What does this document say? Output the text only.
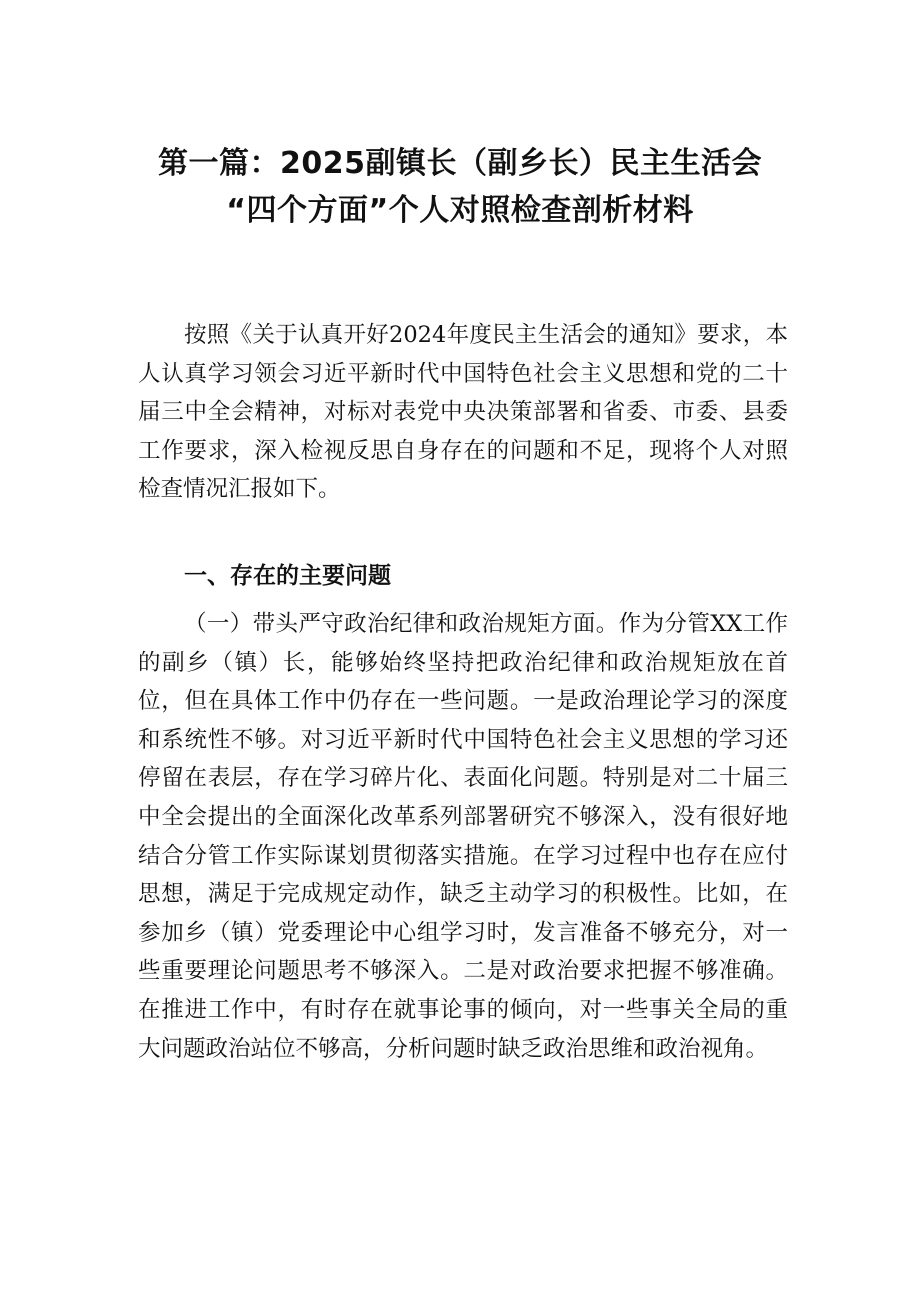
第一篇：2025副镇长（副乡长）民主生活会
“四个方面”个人对照检查剖析材料

按照《关于认真开好2024年度民主生活会的通知》要求，本人认真学习领会习近平新时代中国特色社会主义思想和党的二十届三中全会精神，对标对表党中央决策部署和省委、市委、县委工作要求，深入检视反思自身存在的问题和不足，现将个人对照检查情况汇报如下。

一、存在的主要问题

（一）带头严守政治纪律和政治规矩方面。作为分管XX工作的副乡（镇）长，能够始终坚持把政治纪律和政治规矩放在首位，但在具体工作中仍存在一些问题。一是政治理论学习的深度和系统性不够。对习近平新时代中国特色社会主义思想的学习还停留在表层，存在学习碎片化、表面化问题。特别是对二十届三中全会提出的全面深化改革系列部署研究不够深入，没有很好地结合分管工作实际谋划贯彻落实措施。在学习过程中也存在应付思想，满足于完成规定动作，缺乏主动学习的积极性。比如，在参加乡（镇）党委理论中心组学习时，发言准备不够充分，对一些重要理论问题思考不够深入。二是对政治要求把握不够准确。在推进工作中，有时存在就事论事的倾向，对一些事关全局的重大问题政治站位不够高，分析问题时缺乏政治思维和政治视角。
